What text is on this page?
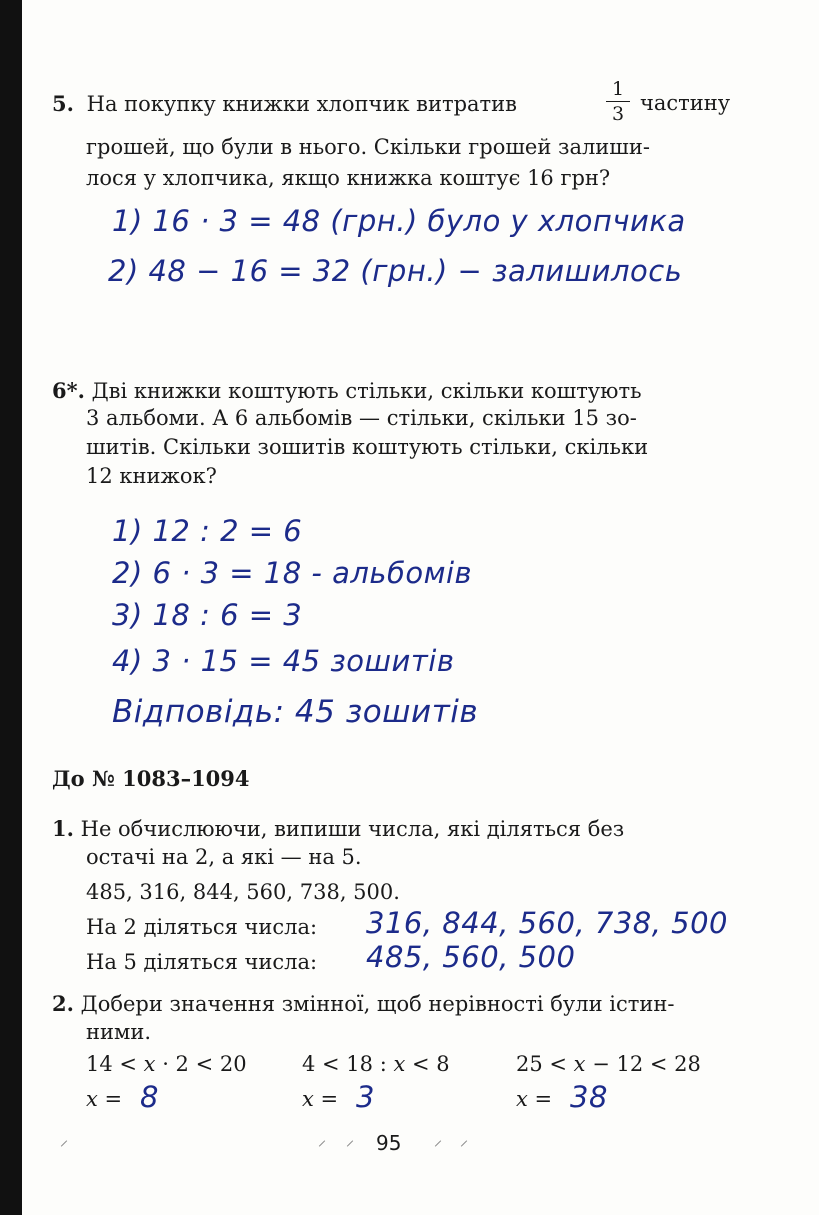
5. На покупку книжки хлопчик витратив
1
3 частину
грошей, що були в нього. Скільки грошей залиши-
лося у хлопчика, якщо книжка коштує 16 грн?
1) 16 · 3 = 48 (грн.) було у хлопчика
2) 48 − 16 = 32 (грн.) − залишилось
6*. Дві книжки коштують стільки, скільки коштують
3 альбоми. А 6 альбомів — стільки, скільки 15 зо-
шитів. Скільки зошитів коштують стільки, скільки
12 книжок?
1) 12 : 2 = 6
2) 6 · 3 = 18 - альбомів
3) 18 : 6 = 3
4) 3 · 15 = 45 зошитів
Відповідь: 45 зошитів
До № 1083–1094
1. Не обчислюючи, випиши числа, які діляться без
остачі на 2, а які — на 5.
485, 316, 844, 560, 738, 500.
На 2 діляться числа: 316, 844, 560, 738, 500
На 5 діляться числа: 485, 560, 500
2. Добери значення змінної, щоб нерівності були істин-
ними.
14 < x · 2 < 20	4 < 18 : x < 8	25 < x − 12 < 28
x = 8	x = 3	x = 38
95
